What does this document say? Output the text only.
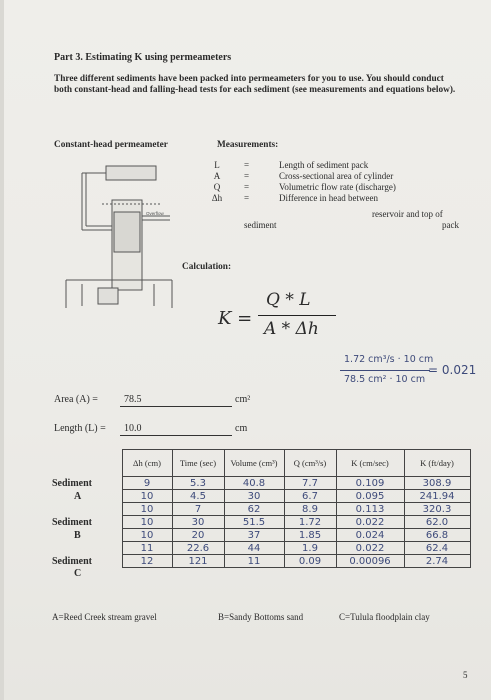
Part 3. Estimating K using permeameters
Three different sediments have been packed into permeameters for you to use. You should conduct both constant-head and falling-head tests for each sediment (see measurements and equations below).
Constant-head permeameter	Measurements:
Overflow
L	=	Length of sediment pack
A	=	Cross-sectional area of cylinder
Q	=	Volumetric flow rate (discharge)
Δh	=	Difference in head between
reservoir and top of
sediment	pack
Calculation:
K =
Q * L
A * Δh
1.72 cm³/s · 10 cm
78.5 cm² · 10 cm
= 0.021
Area (A) =	78.5	cm²
Length (L) = 10.0	cm
	Δh (cm)	Time (sec)	Volume (cm³)	Q (cm³/s)	K (cm/sec)	K (ft/day)
Sediment	9	5.3	40.8	7.7	0.109	308.9
A	10	4.5	30	6.7	0.095	241.94
	10	7	62	8.9	0.113	320.3
Sediment	10	30	51.5	1.72	0.022	62.0
B	10	20	37	1.85	0.024	66.8
	11	22.6	44	1.9	0.022	62.4
Sediment	12	121	11	0.09	0.00096	2.74
C						
A=Reed Creek stream gravel	B=Sandy Bottoms sand	C=Tulula floodplain clay
5
